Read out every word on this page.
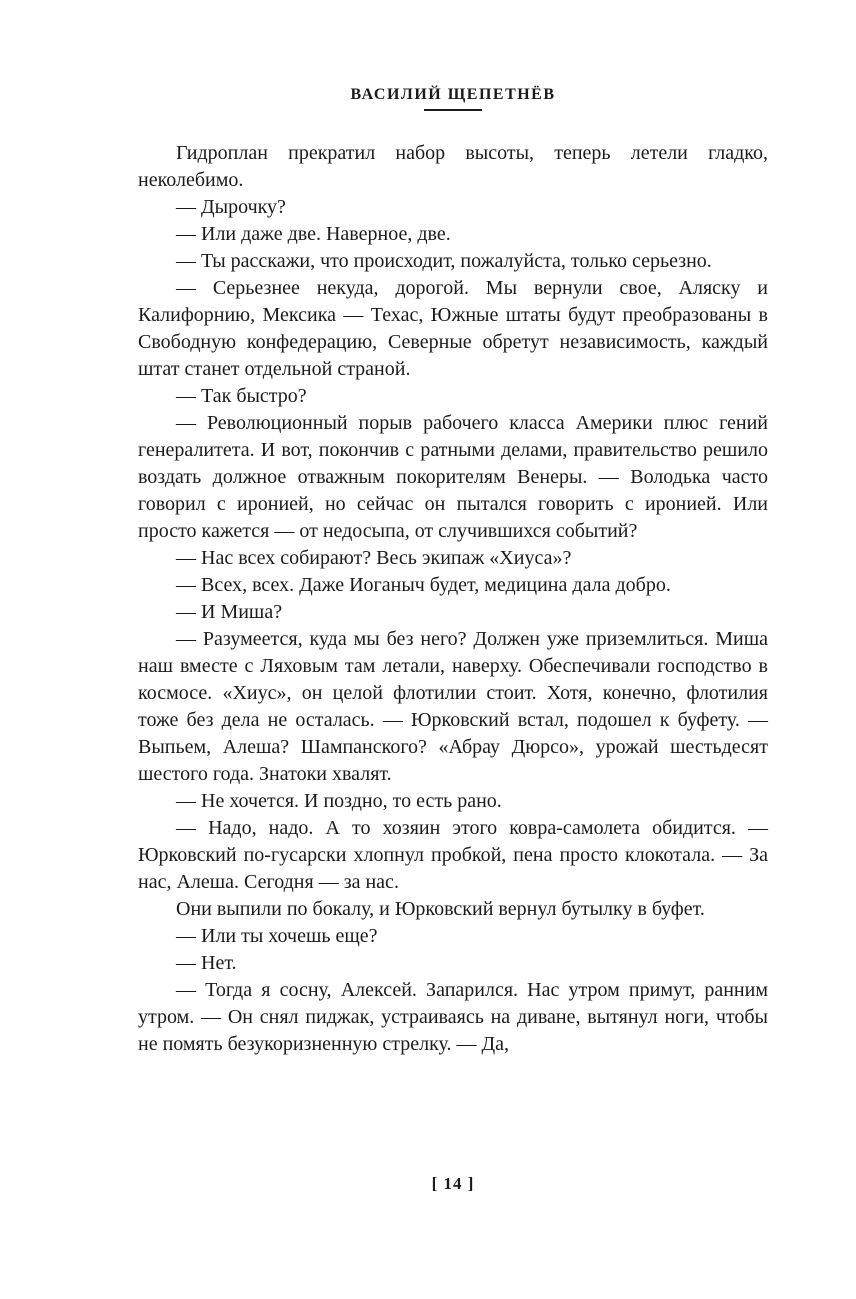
ВАСИЛИЙ ЩЕПЕТНЁВ

Гидроплан прекратил набор высоты, теперь летели гладко, неколебимо.

— Дырочку?

— Или даже две. Наверное, две.

— Ты расскажи, что происходит, пожалуйста, только серьезно.

— Серьезнее некуда, дорогой. Мы вернули свое, Аляску и Калифорнию, Мексика — Техас, Южные штаты будут преобразованы в Свободную конфедерацию, Северные обретут независимость, каждый штат станет отдельной страной.

— Так быстро?

— Революционный порыв рабочего класса Америки плюс гений генералитета. И вот, покончив с ратными делами, правительство решило воздать должное отважным покорителям Венеры. — Володька часто говорил с иронией, но сейчас он пытался говорить с иронией. Или просто кажется — от недосыпа, от случившихся событий?

— Нас всех собирают? Весь экипаж «Хиуса»?

— Всех, всех. Даже Иоганыч будет, медицина дала добро.

— И Миша?

— Разумеется, куда мы без него? Должен уже приземлиться. Миша наш вместе с Ляховым там летали, наверху. Обеспечивали господство в космосе. «Хиус», он целой флотилии стоит. Хотя, конечно, флотилия тоже без дела не осталась. — Юрковский встал, подошел к буфету. — Выпьем, Алеша? Шампанского? «Абрау Дюрсо», урожай шестьдесят шестого года. Знатоки хвалят.

— Не хочется. И поздно, то есть рано.

— Надо, надо. А то хозяин этого ковра-самолета обидится. — Юрковский по-гусарски хлопнул пробкой, пена просто клокотала. — За нас, Алеша. Сегодня — за нас.

Они выпили по бокалу, и Юрковский вернул бутылку в буфет.

— Или ты хочешь еще?

— Нет.

— Тогда я сосну, Алексей. Запарился. Нас утром примут, ранним утром. — Он снял пиджак, устраиваясь на диване, вытянул ноги, чтобы не помять безукоризненную стрелку. — Да,

[ 14 ]
